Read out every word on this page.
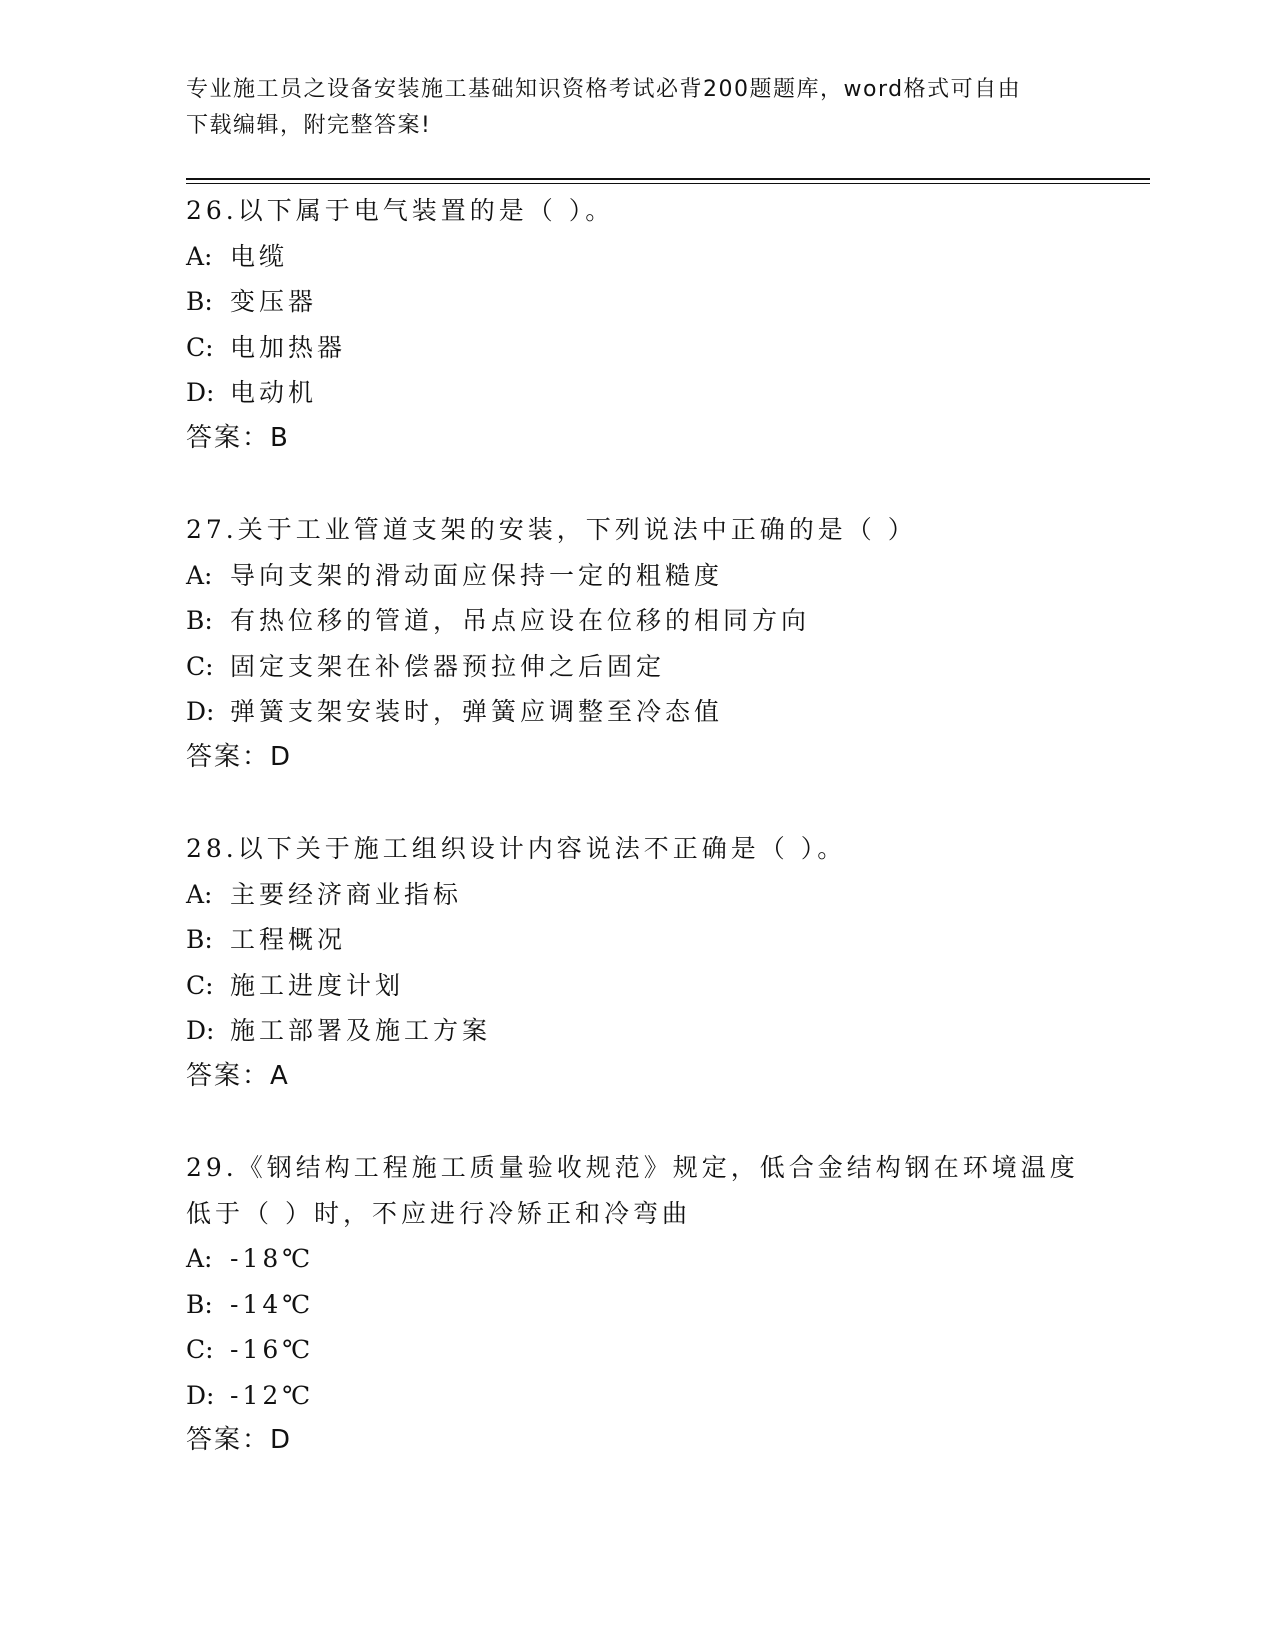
专业施工员之设备安装施工基础知识资格考试必背200题题库，word格式可自由
下载编辑，附完整答案!
26.以下属于电气装置的是（ ）。
A: 电缆
B: 变压器
C: 电加热器
D: 电动机
答案：B
27.关于工业管道支架的安装，下列说法中正确的是（ ）
A: 导向支架的滑动面应保持一定的粗糙度
B: 有热位移的管道，吊点应设在位移的相同方向
C: 固定支架在补偿器预拉伸之后固定
D: 弹簧支架安装时，弹簧应调整至冷态值
答案：D
28.以下关于施工组织设计内容说法不正确是（ ）。
A: 主要经济商业指标
B: 工程概况
C: 施工进度计划
D: 施工部署及施工方案
答案：A
29.《钢结构工程施工质量验收规范》规定，低合金结构钢在环境温度
低于（ ）时，不应进行冷矫正和冷弯曲
A: -18℃
B: -14℃
C: -16℃
D: -12℃
答案：D
